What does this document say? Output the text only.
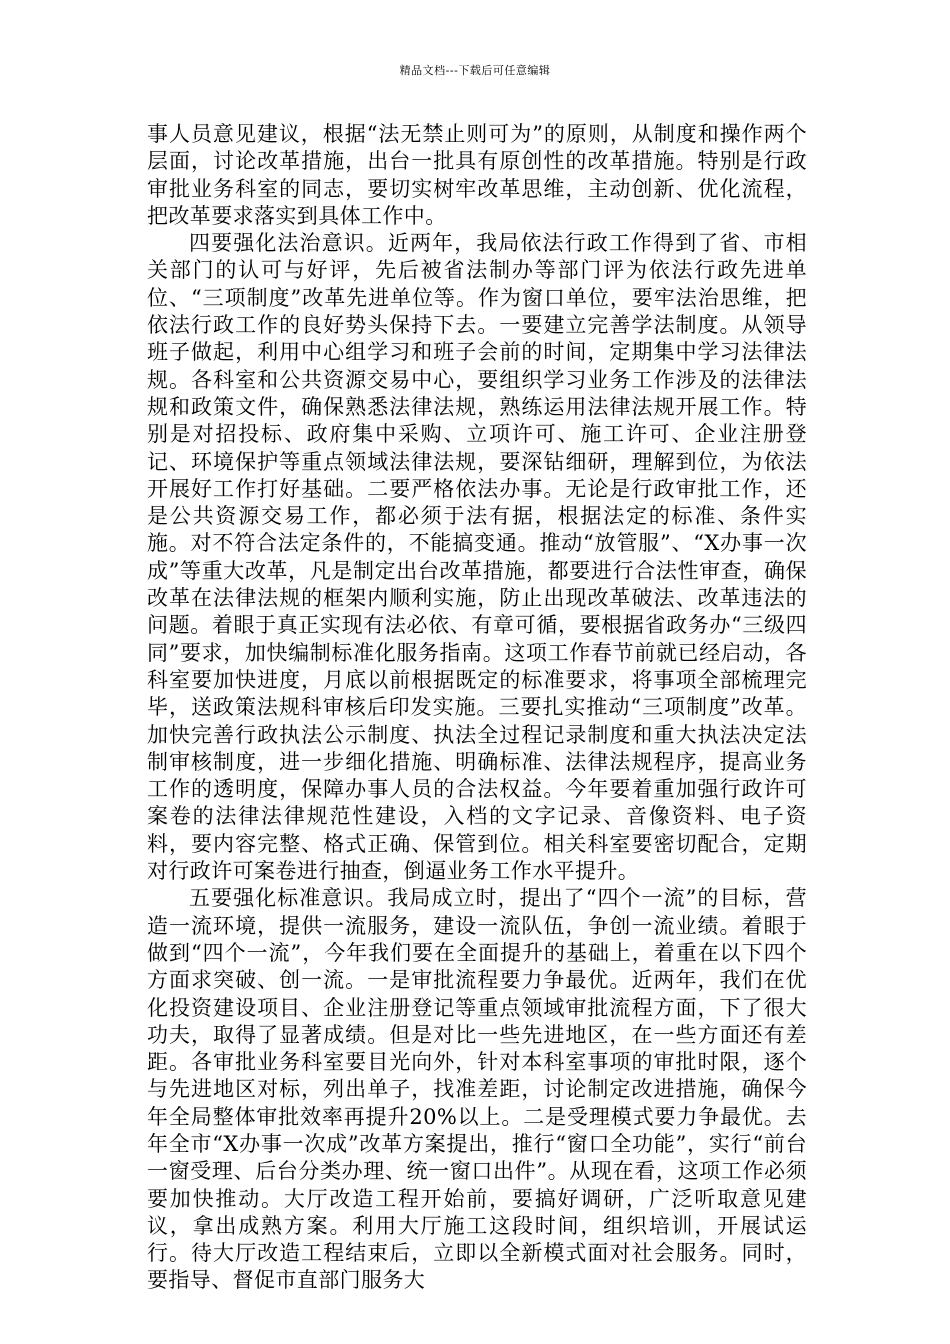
精品文档---下载后可任意编辑

事人员意见建议，根据“法无禁止则可为”的原则，从制度和操作两个层面，讨论改革措施，出台一批具有原创性的改革措施。特别是行政审批业务科室的同志，要切实树牢改革思维，主动创新、优化流程，把改革要求落实到具体工作中。

四要强化法治意识。近两年，我局依法行政工作得到了省、市相关部门的认可与好评，先后被省法制办等部门评为依法行政先进单位、“三项制度”改革先进单位等。作为窗口单位，要牢法治思维，把依法行政工作的良好势头保持下去。一要建立完善学法制度。从领导班子做起，利用中心组学习和班子会前的时间，定期集中学习法律法规。各科室和公共资源交易中心，要组织学习业务工作涉及的法律法规和政策文件，确保熟悉法律法规，熟练运用法律法规开展工作。特别是对招投标、政府集中采购、立项许可、施工许可、企业注册登记、环境保护等重点领域法律法规，要深钻细研，理解到位，为依法开展好工作打好基础。二要严格依法办事。无论是行政审批工作，还是公共资源交易工作，都必须于法有据，根据法定的标准、条件实施。对不符合法定条件的，不能搞变通。推动“放管服”、“X办事一次成”等重大改革，凡是制定出台改革措施，都要进行合法性审查，确保改革在法律法规的框架内顺利实施，防止出现改革破法、改革违法的问题。着眼于真正实现有法必依、有章可循，要根据省政务办“三级四同”要求，加快编制标准化服务指南。这项工作春节前就已经启动，各科室要加快进度，月底以前根据既定的标准要求，将事项全部梳理完毕，送政策法规科审核后印发实施。三要扎实推动“三项制度”改革。加快完善行政执法公示制度、执法全过程记录制度和重大执法决定法制审核制度，进一步细化措施、明确标准、法律法规程序，提高业务工作的透明度，保障办事人员的合法权益。今年要着重加强行政许可案卷的法律法律规范性建设，入档的文字记录、音像资料、电子资料，要内容完整、格式正确、保管到位。相关科室要密切配合，定期对行政许可案卷进行抽查，倒逼业务工作水平提升。

五要强化标准意识。我局成立时，提出了“四个一流”的目标，营造一流环境，提供一流服务，建设一流队伍，争创一流业绩。着眼于做到“四个一流”，今年我们要在全面提升的基础上，着重在以下四个方面求突破、创一流。一是审批流程要力争最优。近两年，我们在优化投资建设项目、企业注册登记等重点领域审批流程方面，下了很大功夫，取得了显著成绩。但是对比一些先进地区，在一些方面还有差距。各审批业务科室要目光向外，针对本科室事项的审批时限，逐个与先进地区对标，列出单子，找准差距，讨论制定改进措施，确保今年全局整体审批效率再提升20%以上。二是受理模式要力争最优。去年全市“X办事一次成”改革方案提出，推行“窗口全功能”，实行“前台一窗受理、后台分类办理、统一窗口出件”。从现在看，这项工作必须要加快推动。大厅改造工程开始前，要搞好调研，广泛听取意见建议，拿出成熟方案。利用大厅施工这段时间，组织培训，开展试运行。待大厅改造工程结束后，立即以全新模式面对社会服务。同时，要指导、督促市直部门服务大
